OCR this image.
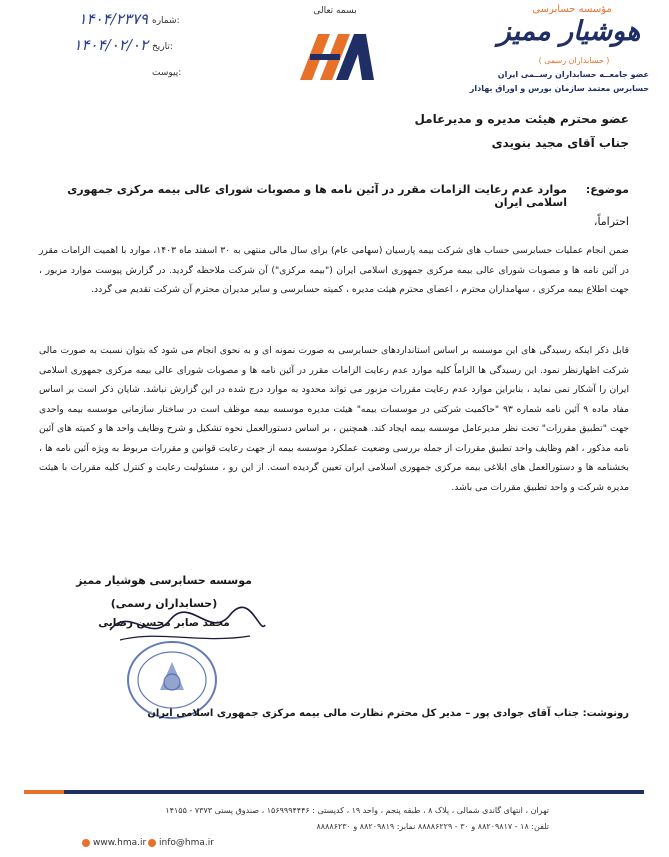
مؤسسه حسابرسی
هوشیار ممیز
( حسابداران رسمی )
عضو جامعــه حسابداران رســمی ایران
حسابرس معتمد سازمان بورس و اوراق بهادار
بسمه تعالی
شماره:
۱۴۰۴/۲۳۷۹
تاریخ:
۱۴۰۴/۰۲/۰۲
پیوست:
عضو محترم هیئت مدیره و مدیرعامل
جناب آقای مجید بنویدی
موضوع:
موارد عدم رعایت الزامات مقرر در آئین نامه ها و مصوبات شورای عالی بیمه مرکزی جمهوری اسلامی ایران
احتراماً،
ضمن انجام عملیات حسابرسی حساب های شرکت بیمه پارسیان (سهامی عام) برای سال مالی منتهی به ۳۰ اسفند ماه ۱۴۰۳، موارد با اهمیت الزامات مقرر در آئین نامه ها و مصوبات شورای عالی بیمه مرکزی جمهوری اسلامی ایران ("بیمه مرکزی") آن شرکت ملاحظه گردید. در گزارش پیوست موارد مزبور ، جهت اطلاع بیمه مرکزی ، سهامداران محترم ، اعضای محترم هیئت مدیره ، کمیته حسابرسی و سایر مدیران محترم آن شرکت تقدیم می گردد.
قابل ذکر اینکه رسیدگی های این موسسه بر اساس استانداردهای حسابرسی به صورت نمونه ای و به نحوی انجام می شود که بتوان نسبت به صورت مالی شرکت اظهارنظر نمود. این رسیدگی ها الزاماً کلیه موارد عدم رعایت الزامات مقرر در آئین نامه ها و مصوبات شورای عالی بیمه مرکزی جمهوری اسلامی ایران را آشکار نمی نماید ، بنابراین موارد عدم رعایت مقررات مزبور می تواند محدود به موارد درج شده در این گزارش نباشد. شایان ذکر است بر اساس مفاد ماده ۹ آئین نامه شماره ۹۳ "حاکمیت شرکتی در موسسات بیمه" هیئت مدیره موسسه بیمه موظف است در ساختار سازمانی موسسه بیمه واحدی جهت "تطبیق مقررات" تحت نظر مدیرعامل موسسه بیمه ایجاد کند. همچنین ، بر اساس دستورالعمل نحوه تشکیل و شرح وظایف واحد ها و کمیته های آئین نامه مذکور ، اهم وظایف واحد تطبیق مقررات از جمله بررسی وضعیت عملکرد موسسه بیمه از جهت رعایت قوانین و مقررات مربوط به ویژه آئین نامه ها ، بخشنامه ها و دستورالعمل های ابلاغی بیمه مرکزی جمهوری اسلامی ایران تعیین گردیده است. از این رو ، مسئولیت رعایت و کنترل کلیه مقررات با هیئت مدیره شرکت و واحد تطبیق مقررات می باشد.
موسسه حسابرسی هوشیار ممیز
(حسابداران رسمی)
محمد صابر محسن رضایی
رونوشت: جناب آقای جوادی پور – مدیر کل محترم نظارت مالی بیمه مرکزی جمهوری اسلامی ایران
تهران ، انتهای گاندی شمالی ، پلاک ۸ ، طبقه پنجم ، واحد ۱۹ ، کدپستی : ۱۵۶۹۹۹۴۴۴۶ ، صندوق پستی ۷۳۷۳ - ۱۴۱۵۵
تلفن: ۱۸ - ۸۸۲۰۹۸۱۷ و ۳۰ - ۸۸۸۸۶۲۲۹ نمابر: ۸۸۲۰۹۸۱۹ و ۸۸۸۸۶۲۳۰
www.hma.ir	info@hma.ir
